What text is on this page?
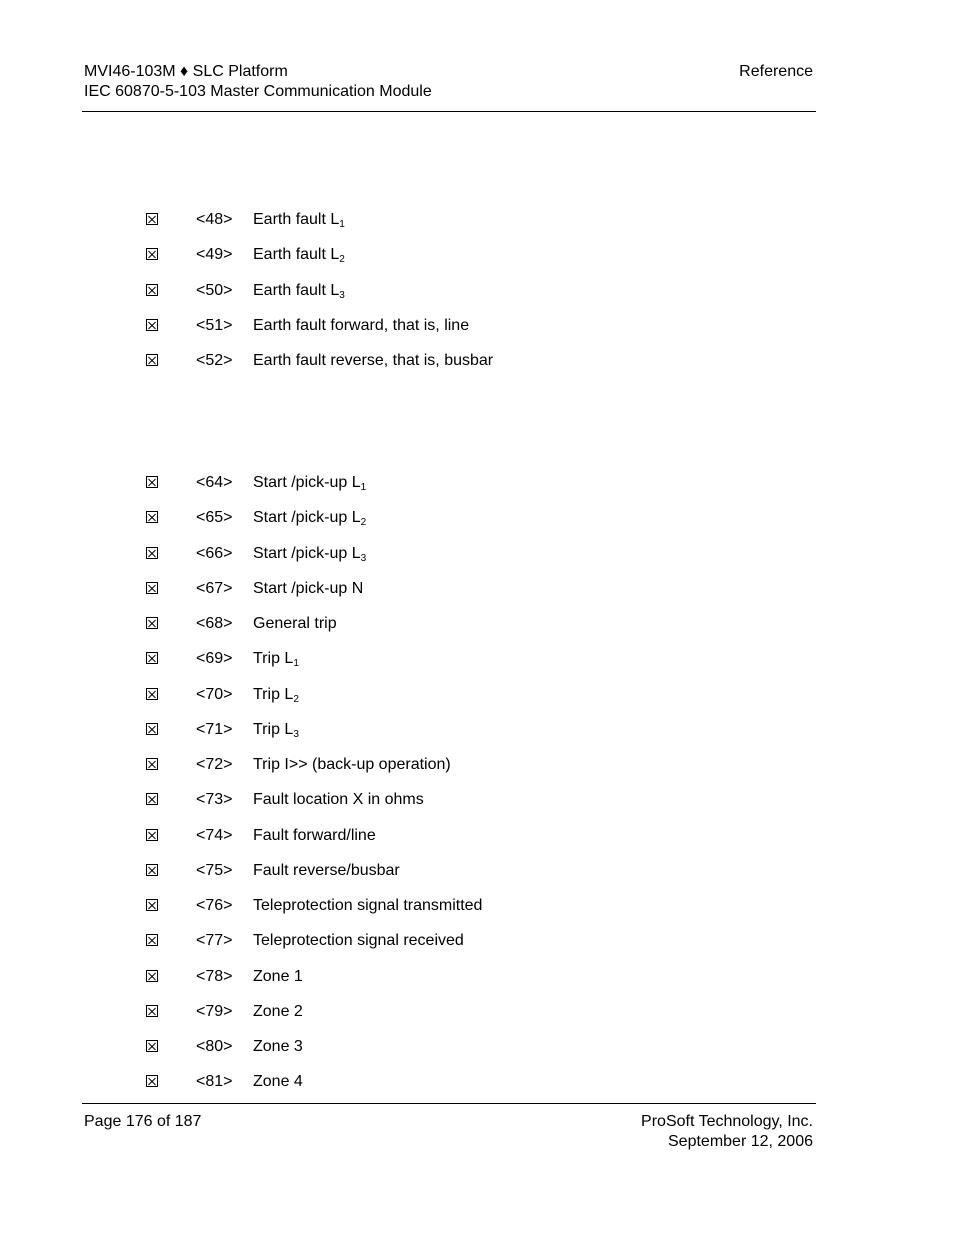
MVI46-103M ♦ SLC Platform
IEC 60870-5-103 Master Communication Module
Reference
<48> Earth fault $L_1$
<49> Earth fault $L_2$
<50> Earth fault $L_3$
<51> Earth fault forward, that is, line
<52> Earth fault reverse, that is, busbar
<64> Start /pick-up $L_1$
<65> Start /pick-up $L_2$
<66> Start /pick-up $L_3$
<67> Start /pick-up N
<68> General trip
<69> Trip $L_1$
<70> Trip $L_2$
<71> Trip $L_3$
<72> Trip I>> (back-up operation)
<73> Fault location X in ohms
<74> Fault forward/line
<75> Fault reverse/busbar
<76> Teleprotection signal transmitted
<77> Teleprotection signal received
<78> Zone 1
<79> Zone 2
<80> Zone 3
<81> Zone 4
Page 176 of 187	ProSoft Technology, Inc.
September 12, 2006
